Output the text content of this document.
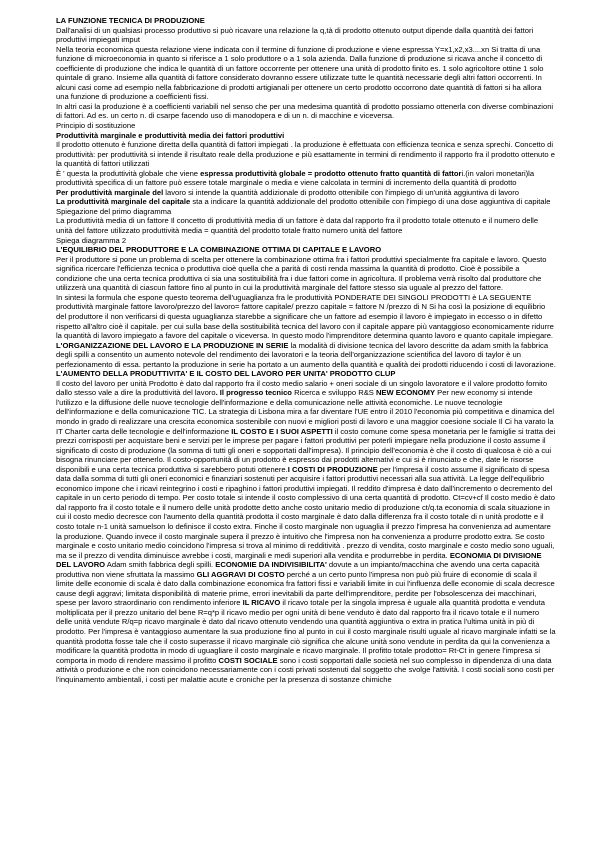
LA FUNZIONE TECNICA DI PRODUZIONE

Dall'analisi di un qualsiasi processo produttivo si può ricavare una relazione la q,tà di prodotto ottenuto output dipende dalla quantità dei fattori produttivi impiegati imput

Nella teoria economica questa relazione viene indicata con il termine di funzione di produzione e viene espressa Y=x1,x2,x3....xn Si tratta di una funzione di microeconomia in quanto si riferisce a 1 solo produttore o a 1 sola azienda. Dalla funzione di produzione si ricava anche il concetto di coefficiente di produzione che indica le quantità di un fattore occorrente per ottenere una unità di prodotto finito es. 1 solo agricoltore ottine 1 solo quintale di grano. Insieme alla quantità di fattore considerato dovranno essere utilizzate tutte le quantità necessarie degli altri fattori occorrenti. In alcuni casi come ad esempio nella fabbricazione di prodotti artigianali per ottenere un certo prodotto occorrono date quantità di fattori si ha allora una funzione di produzione a coefficienti fissi.

In altri casi la produzione è a coefficienti variabili nel senso che per una medesima quantità di prodotto possiamo ottenerla con diverse combinazioni di fattori. Ad es. un certo n. di csarpe facendo uso di manodopera e di un n. di macchine e viceversa.

Principio di sostituzione

Produttività marginale e produttività media dei fattori produttivi

Il prodotto ottenuto è funzione diretta della quantità di fattori impiegati . la produzione è effettuata con efficienza tecnica e senza sprechi. Concetto di produttività: per produttività si intende il risultato reale della produzione e più esattamente in termini di rendimento il rapporto fra il prodotto ottenuto e la quantità di fattori utilizzati

È ' questa la produttività globale che viene espressa produttività globale = prodotto ottenuto fratto quantità di fattori.(in valori monetari)la produttività specifica di un fattore può essere totale marginale o media e viene calcolata in termini di incremento della quantità di prodotto

Per produttività marginale del lavoro si intende la quantità addizionale di prodotto ottenibile con l'impiego di un'unità aggiuntiva di lavoro

La produttività marginale del capitale sta a indicare la quantità addizionale del prodotto ottenibile con l'impiego di una dose aggiuntiva di capitale Spiegazione del primo diagramma

La produttività media di un fattore Il concetto di produttività media di un fattore è data dal rapporto fra il prodotto totale ottenuto e il numero delle unità del fattore utilizzato produttività media = quantità del prodotto totale fratto numero unità del fattore

Spiega diagramma 2

L'EQUILIBRIO DEL PRODUTTORE E LA COMBINAZIONE OTTIMA DI CAPITALE E LAVORO

Per il produttore si pone un problema di scelta per ottenere la combinazione ottima fra i fattori produttivi specialmente fra capitale e lavoro. Questo significa ricercare l'efficienza tecnica o produttiva cioè quella che a parità di costi renda massima la quantità di prodotto. Cioè è possibile a condizione che una certa tecnica produttiva ci sia una sostituibilità fra i due fattori come in agricoltura. Il problema verrà risolto dal produttore che utilizzerà una quantità di ciascun fattore fino al punto in cui la produttività marginale del fattore stesso sia uguale al prezzo del fattore.

In sintesi la formula che espone questo teorema dell'uguaglianza fra le produttività PONDERATE DEI SINGOLI PRODOTTI è LA SEGUENTE produttività marginale fattore lavoro/prezzo del lavoro= fattore capitale/ prezzo capitale = fattore N /prezzo di N Si ha così la posizione di equilibrio del produttore il non verificarsi di questa uguaglianza starebbe a significare che un fattore ad esempio il lavoro è impiegato in eccesso o in difetto rispetto all'altro cioè il capitale. per cui sulla base della sostituibilità tecnica del lavoro con il capitale appare più vantaggioso economicamente ridurre la quantità di lavoro impiegato a favore del capitale o viceversa. In questo modo l'imprenditore determina quanto lavoro e quanto capitale impiegare.

L'ORGANIZZAZIONE DEL LAVORO E LA PRODUZIONE IN SERIE la modalità di divisione tecnica del lavoro descritte da adam smith la fabbrica degli spilli a consentito un aumento notevole del rendimento dei lavoratori e la teoria dell'organizzazione scientifica del lavoro di taylor è un perfezionamento di essa. pertanto la produzione in serie ha portato a un aumento della quantità e qualità dei prodotti riducendo i costi di lavorazione.

L'AUMENTO DELLA PRODUTTIVITA' E IL COSTO DEL LAVORO PER UNITA' PRODOTTO CLUP

Il costo del lavoro per unità Prodotto è dato dal rapporto fra il costo medio salario + oneri sociale di un singolo lavoratore e il valore prodotto fornito dallo stesso vale a dire la produttività del lavoro. Il progresso tecnico Ricerca e sviluppo R&S NEW ECONOMY Per new economy si intende l'utilizzo e la diffusione delle nuove tecnologie dell'informazione e della comunicazione nelle attività economiche. Le nuove tecnologie dell'informazione e della comunicazione TIC. La strategia di Lisbona mira a far diventare l'UE entro il 2010 l'economia più competitiva e dinamica del mondo in grado di realizzare una crescita economica sostenibile con nuovi e migliori posti di lavoro e una maggior coesione sociale Il Ci ha varato la IT Charter carta delle tecnologie e dell'informazione IL COSTO E I SUOI ASPETTI il costo comune come spesa monetaria per le famiglie si tratta dei prezzi corrisposti per acquistare beni e servizi per le imprese per pagare i fattori produttivi per poterli impiegare nella produzione il costo assume il significato di costo di produzione (la somma di tutti gli oneri e sopportati dall'impresa). Il principio dell'economia è che il costo di qualcosa è ciò a cui bisogna rinunciare per ottenerlo. Il costo-opportunità di un prodotto è espresso dai prodotti alternativi e cui si è rinunciato e che, date le risorse disponibili e una certa tecnica produttiva si sarebbero potuti ottenere.I COSTI DI PRODUZIONE per l'impresa il costo assume il significato di spesa data dalla somma di tutti gli oneri economici e finanziari sostenuti per acquisire i fattori produttivi necessari alla sua attività. La legge dell'equilibrio economico impone che i ricavi reintegrino i costi e ripaghino i fattori produttivi impiegati. Il reddito d'impresa è dato dall'incremento o decremento del capitale in un certo periodo di tempo. Per costo totale si intende il costo complessivo di una certa quantità di prodotto. Ct=cv+cf Il costo medio è dato dal rapporto fra il costo totale e il numero delle unità prodotte detto anche costo unitario medio di produzione ct/q.ta economia di scala situazione in cui il costo medio decresce con l'aumento della quantità prodotta il costo marginale è dato dalla differenza fra il costo totale di n unità prodotte e il costo totale n-1 unità samuelson lo definisce il costo extra. Finche il costo marginale non uguaglia il prezzo l'impresa ha convenienza ad aumentare la produzione. Quando invece il costo marginale supera il prezzo è intuitivo che l'impresa non ha convenienza a produrre prodotto extra. Se costo marginale e costo unitario medio coincidono l'impresa si trova al minimo di redditività . prezzo di vendita, costo marginale e costo medio sono uguali, ma se il prezzo di vendita diminuisce avrebbe i costi, marginali e medi superiori alla vendita e produrrebbe in perdita. ECONOMIA DI DIVISIONE DEL LAVORO Adam smith fabbrica degli spilli. ECONOMIE DA INDIVISIBILITA' dovute a un impianto/macchina che avendo una certa capacità produttiva non viene sfruttata la massimo GLI AGGRAVI DI COSTO perché a un certo punto l'impresa non può più fruire di economie di scala il limite delle economie di scala è dato dalla combinazione economica fra fattori fissi e variabili limite in cui l'influenza delle economie di scala decresce cause degli aggravi; limitata disponibilità di materie prime, errori inevitabili da parte dell'imprenditore, perdite per l'obsolescenza dei macchinari, spese per lavoro straordinario con rendimento inferiore IL RICAVO il ricavo totale per la singola impresa è uguale alla quantità prodotta e venduta moltiplicata per il prezzo unitario del bene R=q*p il ricavo medio per ogni unità di bene venduto è dato dal rapporto fra il ricavo totale e il numero delle unità vendute R/q=p ricavo marginale è dato dal ricavo ottenuto vendendo una quantità aggiuntiva o extra in pratica l'ultima unità in più di prodotto. Per l'impresa è vantaggioso aumentare la sua produzione fino al punto in cui il costo marginale risulti uguale al ricavo marginale infatti se la quantità prodotta fosse tale che il costo superasse il ricavo marginale ciò significa che alcune unità sono vendute in perdita da qui la convenienza a modificare la quantità prodotta in modo di uguagliare il costo marginale e ricavo marginale. Il profitto totale prodotto= Rt-Ct in genere l'impresa si comporta in modo di rendere massimo il profitto COSTI SOCIALE sono i costi sopportati dalle società nel suo complesso in dipendenza di una data attività o produzione e che non coincidono necessariamente con i costi privati sostenuti dal soggetto che svolge l'attività. I costi sociali sono costi per l'inquinamento ambientali, i costi per malattie acute e croniche per la presenza di sostanze chimiche
